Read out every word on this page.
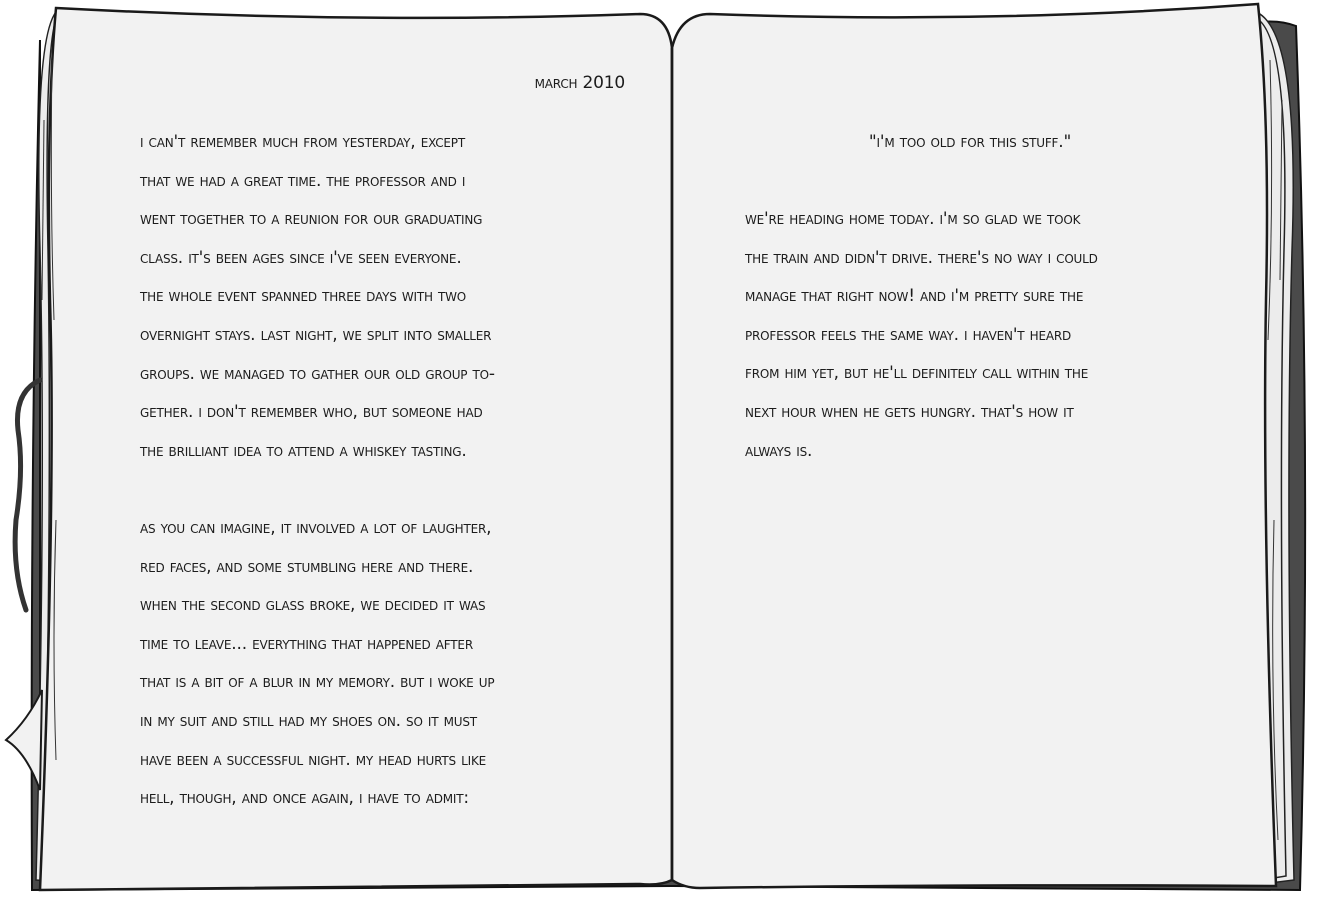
march 2010
i can't remember much from yesterday, except
that we had a great time. the professor and i
went together to a reunion for our graduating
class. it's been ages since i've seen everyone.
the whole event spanned three days with two
overnight stays. last night, we split into smaller
groups. we managed to gather our old group to-
gether. i don't remember who, but someone had
the brilliant idea to attend a whiskey tasting.
as you can imagine, it involved a lot of laughter,
red faces, and some stumbling here and there.
when the second glass broke, we decided it was
time to leave... everything that happened after
that is a bit of a blur in my memory. but i woke up
in my suit and still had my shoes on. so it must
have been a successful night. my head hurts like
hell, though, and once again, i have to admit:
"i'm too old for this stuff."
we're heading home today. i'm so glad we took
the train and didn't drive. there's no way i could
manage that right now! and i'm pretty sure the
professor feels the same way. i haven't heard
from him yet, but he'll definitely call within the
next hour when he gets hungry. that's how it
always is.
